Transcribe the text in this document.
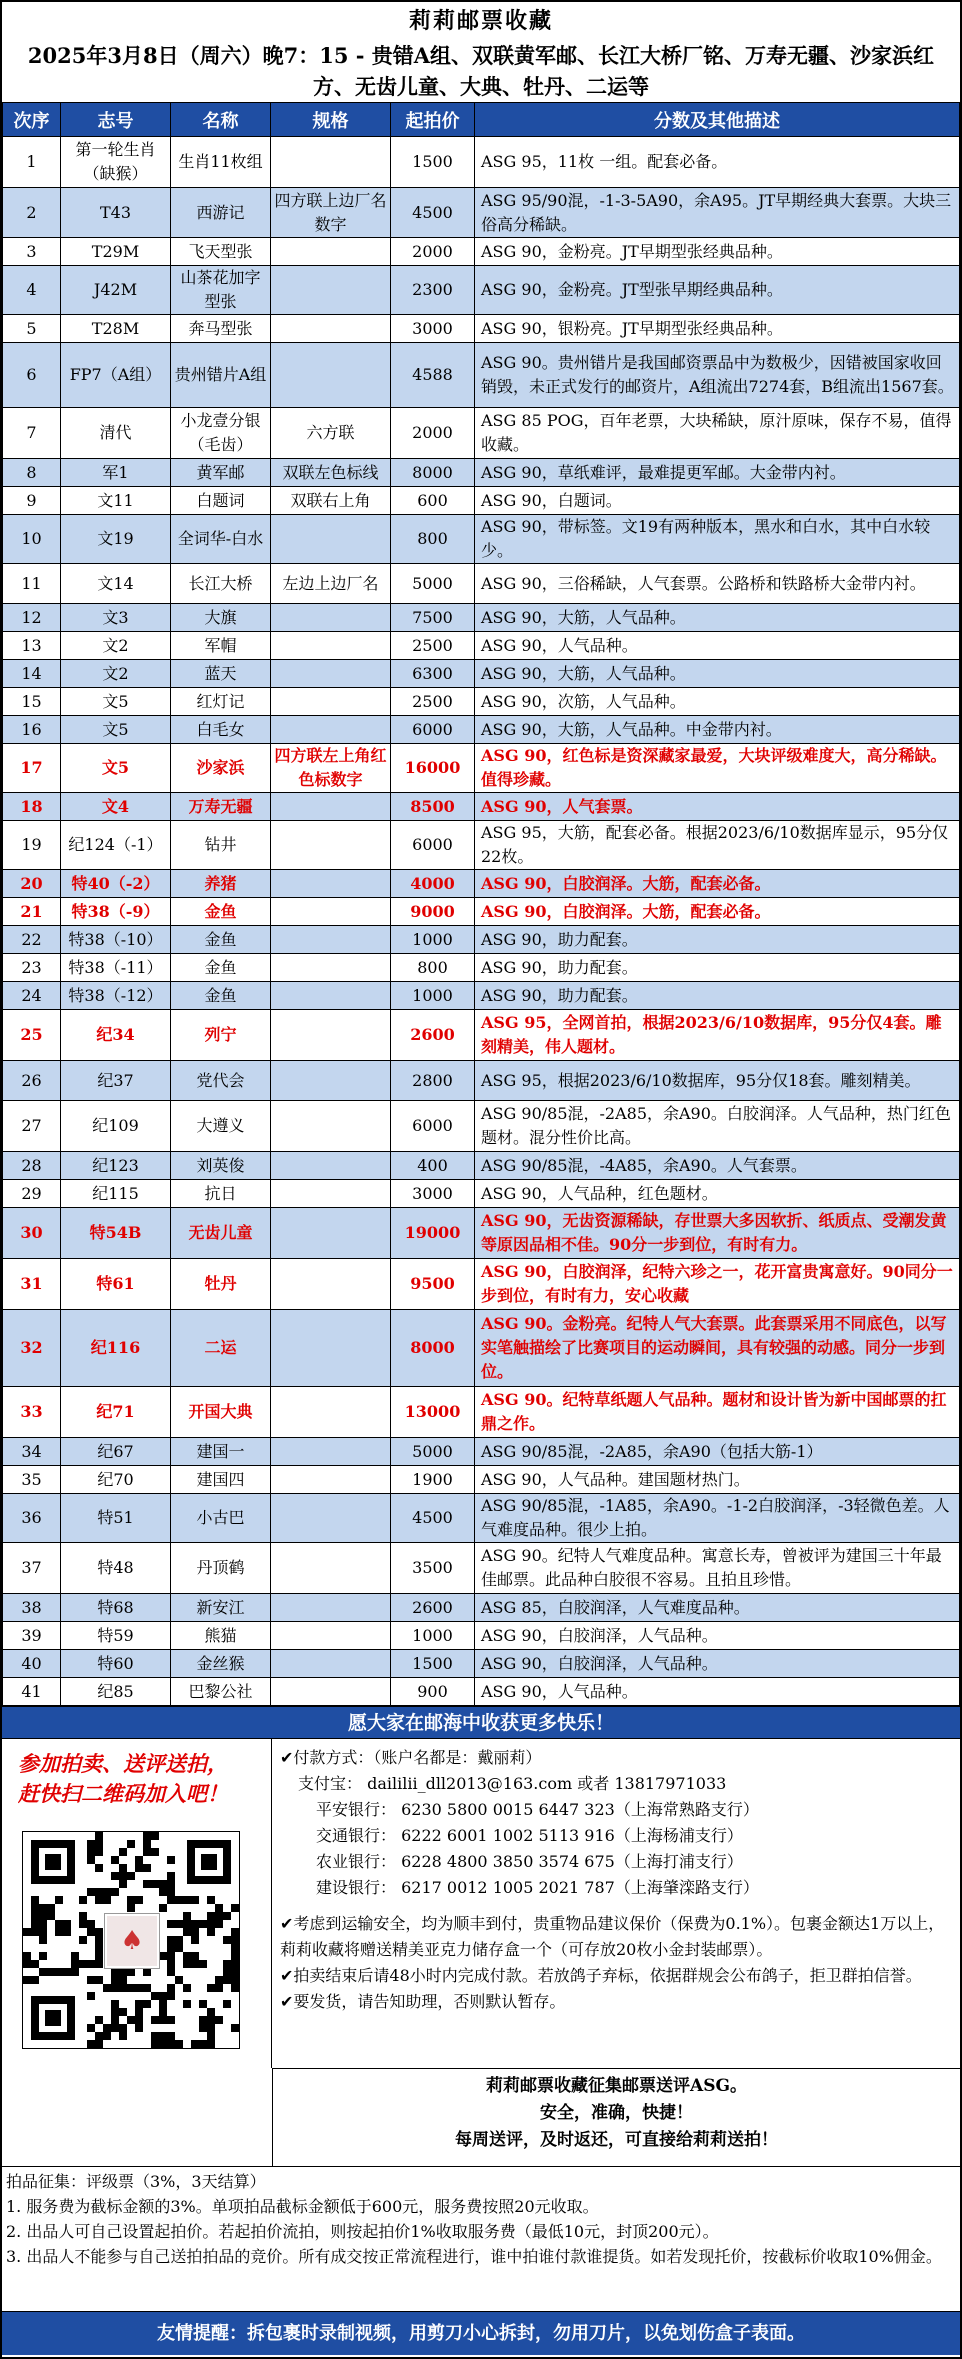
莉莉邮票收藏
2025年3月8日（周六）晚7：15 - 贵错A组、双联黄军邮、长江大桥厂铭、万寿无疆、沙家浜红方、无齿儿童、大典、牡丹、二运等
次序	志号	名称	规格	起拍价	分数及其他描述
1	第一轮生肖（缺猴）	生肖11枚组		1500	ASG 95，11枚 一组。配套必备。
2	T43	西游记	四方联上边厂名数字	4500	ASG 95/90混，-1-3-5A90，余A95。JT早期经典大套票。大块三俗高分稀缺。
3	T29M	飞天型张		2000	ASG 90，金粉亮。JT早期型张经典品种。
4	J42M	山茶花加字型张		2300	ASG 90，金粉亮。JT型张早期经典品种。
5	T28M	奔马型张		3000	ASG 90，银粉亮。JT早期型张经典品种。
6	FP7（A组）	贵州错片A组		4588	ASG 90。贵州错片是我国邮资票品中为数极少，因错被国家收回销毁，未正式发行的邮资片，A组流出7274套，B组流出1567套。
7	清代	小龙壹分银（毛齿）	六方联	2000	ASG 85 POG，百年老票，大块稀缺，原汁原味，保存不易，值得收藏。
8	军1	黄军邮	双联左色标线	8000	ASG 90，草纸难评，最难提更军邮。大金带内衬。
9	文11	白题词	双联右上角	600	ASG 90，白题词。
10	文19	全词华-白水		800	ASG 90，带标签。文19有两种版本，黑水和白水，其中白水较少。
11	文14	长江大桥	左边上边厂名	5000	ASG 90，三俗稀缺，人气套票。公路桥和铁路桥大金带内衬。
12	文3	大旗		7500	ASG 90，大筋，人气品种。
13	文2	军帽		2500	ASG 90，人气品种。
14	文2	蓝天		6300	ASG 90，大筋，人气品种。
15	文5	红灯记		2500	ASG 90，次筋，人气品种。
16	文5	白毛女		6000	ASG 90，大筋，人气品种。中金带内衬。
17	文5	沙家浜	四方联左上角红色标数字	16000	ASG 90，红色标是资深藏家最爱，大块评级难度大，高分稀缺。值得珍藏。
18	文4	万寿无疆		8500	ASG 90，人气套票。
19	纪124（-1）	钻井		6000	ASG 95，大筋，配套必备。根据2023/6/10数据库显示，95分仅22枚。
20	特40（-2）	养猪		4000	ASG 90，白胶润泽。大筋，配套必备。
21	特38（-9）	金鱼		9000	ASG 90，白胶润泽。大筋，配套必备。
22	特38（-10）	金鱼		1000	ASG 90，助力配套。
23	特38（-11）	金鱼		800	ASG 90，助力配套。
24	特38（-12）	金鱼		1000	ASG 90，助力配套。
25	纪34	列宁		2600	ASG 95，全网首拍，根据2023/6/10数据库，95分仅4套。雕刻精美，伟人题材。
26	纪37	党代会		2800	ASG 95，根据2023/6/10数据库，95分仅18套。雕刻精美。
27	纪109	大遵义		6000	ASG 90/85混，-2A85，余A90。白胶润泽。人气品种，热门红色题材。混分性价比高。
28	纪123	刘英俊		400	ASG 90/85混，-4A85，余A90。人气套票。
29	纪115	抗日		3000	ASG 90，人气品种，红色题材。
30	特54B	无齿儿童		19000	ASG 90，无齿资源稀缺，存世票大多因软折、纸质点、受潮发黄等原因品相不佳。90分一步到位，有时有力。
31	特61	牡丹		9500	ASG 90，白胶润泽，纪特六珍之一，花开富贵寓意好。90同分一步到位，有时有力，安心收藏
32	纪116	二运		8000	ASG 90。金粉亮。纪特人气大套票。此套票采用不同底色，以写实笔触描绘了比赛项目的运动瞬间，具有较强的动感。同分一步到位。
33	纪71	开国大典		13000	ASG 90。纪特草纸题人气品种。题材和设计皆为新中国邮票的扛鼎之作。
34	纪67	建国一		5000	ASG 90/85混，-2A85，余A90（包括大筋-1）
35	纪70	建国四		1900	ASG 90，人气品种。建国题材热门。
36	特51	小古巴		4500	ASG 90/85混，-1A85，余A90。-1-2白胶润泽，-3轻微色差。人气难度品种。很少上拍。
37	特48	丹顶鹤		3500	ASG 90。纪特人气难度品种。寓意长寿，曾被评为建国三十年最佳邮票。此品种白胶很不容易。且拍且珍惜。
38	特68	新安江		2600	ASG 85，白胶润泽，人气难度品种。
39	特59	熊猫		1000	ASG 90，白胶润泽，人气品种。
40	特60	金丝猴		1500	ASG 90，白胶润泽，人气品种。
41	纪85	巴黎公社		900	ASG 90，人气品种。
愿大家在邮海中收获更多快乐！
参加拍卖、送评送拍，
赶快扫二维码加入吧！
♠
✔付款方式：（账户名都是：戴丽莉）
支付宝： daililii_dll2013@163.com 或者 13817971033
平安银行： 6230 5800 0015 6447 323（上海常熟路支行）
交通银行： 6222 6001 1002 5113 916（上海杨浦支行）
农业银行： 6228 4800 3850 3574 675（上海打浦支行）
建设银行： 6217 0012 1005 2021 787（上海肇滦路支行）
✔考虑到运输安全，均为顺丰到付，贵重物品建议保价（保费为0.1%）。包裹金额达1万以上，莉莉收藏将赠送精美亚克力储存盒一个（可存放20枚小金封装邮票）。
✔拍卖结束后请48小时内完成付款。若放鸽子弃标，依据群规会公布鸽子，拒卫群拍信誉。
✔要发货，请告知助理，否则默认暂存。
莉莉邮票收藏征集邮票送评ASG。
安全，准确，快捷！
每周送评，及时返还，可直接给莉莉送拍！
拍品征集：评级票（3%，3天结算）
1. 服务费为截标金额的3%。单项拍品截标金额低于600元，服务费按照20元收取。
2. 出品人可自己设置起拍价。若起拍价流拍，则按起拍价1%收取服务费（最低10元，封顶200元）。
3. 出品人不能参与自己送拍拍品的竞价。所有成交按正常流程进行，谁中拍谁付款谁提货。如若发现托价，按截标价收取10%佣金。
友情提醒：拆包裹时录制视频，用剪刀小心拆封，勿用刀片，以免划伤盒子表面。
